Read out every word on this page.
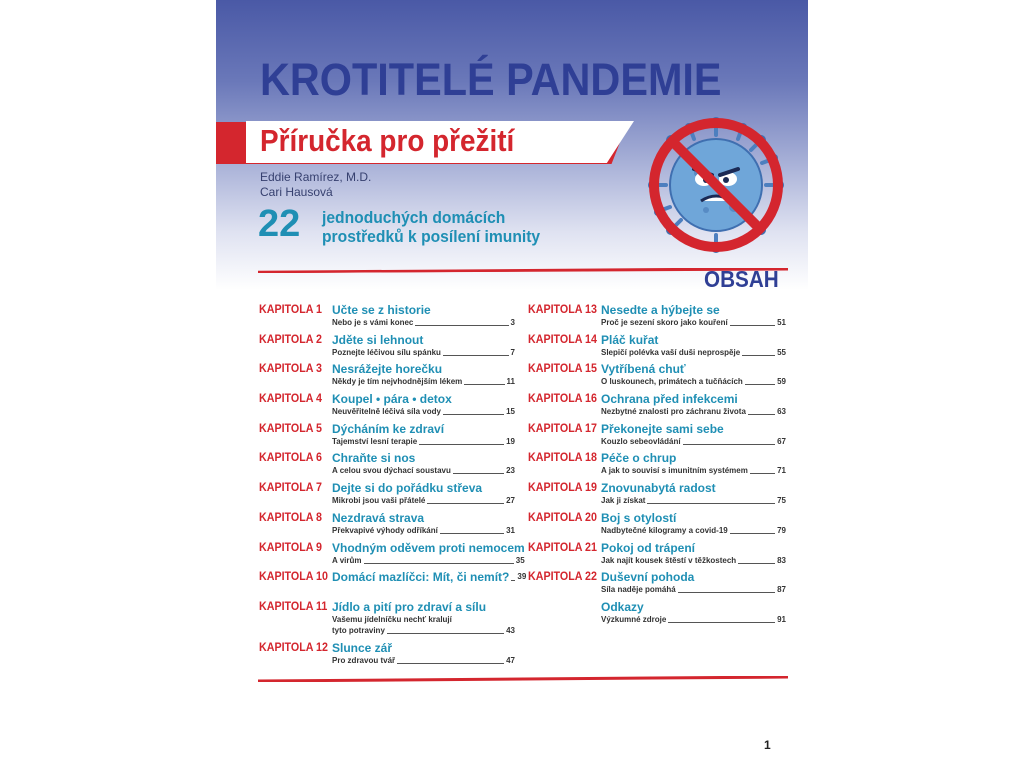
KROTITELÉ PANDEMIE
Příručka pro přežití
Eddie Ramírez, M.D.
Cari Hausová
22 jednoduchých domácích
prostředků k posílení imunity
OBSAH
KAPITOLA 1 Učte se z historie
Nebo je s vámi konec	3
KAPITOLA 2 Jděte si lehnout
Poznejte léčivou sílu spánku	7
KAPITOLA 3 Nesrážejte horečku
Někdy je tím nejvhodnějším lékem	11
KAPITOLA 4 Koupel • pára • detox
Neuvěřitelně léčivá síla vody	15
KAPITOLA 5 Dýcháním ke zdraví
Tajemství lesní terapie	19
KAPITOLA 6 Chraňte si nos
A celou svou dýchací soustavu	23
KAPITOLA 7 Dejte si do pořádku střeva
Mikrobi jsou vaši přátelé	27
KAPITOLA 8 Nezdravá strava
Překvapivé výhody odříkání	31
KAPITOLA 9 Vhodným oděvem proti nemocem
A virům	35
KAPITOLA 10 Domácí mazlíčci: Mít, či nemít? 39
KAPITOLA 11 Jídlo a pití pro zdraví a sílu
Vašemu jídelníčku nechť kralují
tyto potraviny	43
KAPITOLA 12 Slunce zář
Pro zdravou tvář	47
KAPITOLA 13 Nesedte a hýbejte se
Proč je sezení skoro jako kouření	51
KAPITOLA 14 Pláč kuřat
Slepičí polévka vaší duši neprospěje	55
KAPITOLA 15 Vytříbená chuť
O luskounech, primátech a tučňácích	59
KAPITOLA 16 Ochrana před infekcemi
Nezbytné znalosti pro záchranu života	63
KAPITOLA 17 Překonejte sami sebe
Kouzlo sebeovládání	67
KAPITOLA 18 Péče o chrup
A jak to souvisí s imunitním systémem	71
KAPITOLA 19 Znovunabytá radost
Jak ji získat	75
KAPITOLA 20 Boj s otylostí
Nadbytečné kilogramy a covid-19	79
KAPITOLA 21 Pokoj od trápení
Jak najít kousek štěstí v těžkostech	83
KAPITOLA 22 Duševní pohoda
Síla naděje pomáhá	87
Odkazy
Výzkumné zdroje	91
1
